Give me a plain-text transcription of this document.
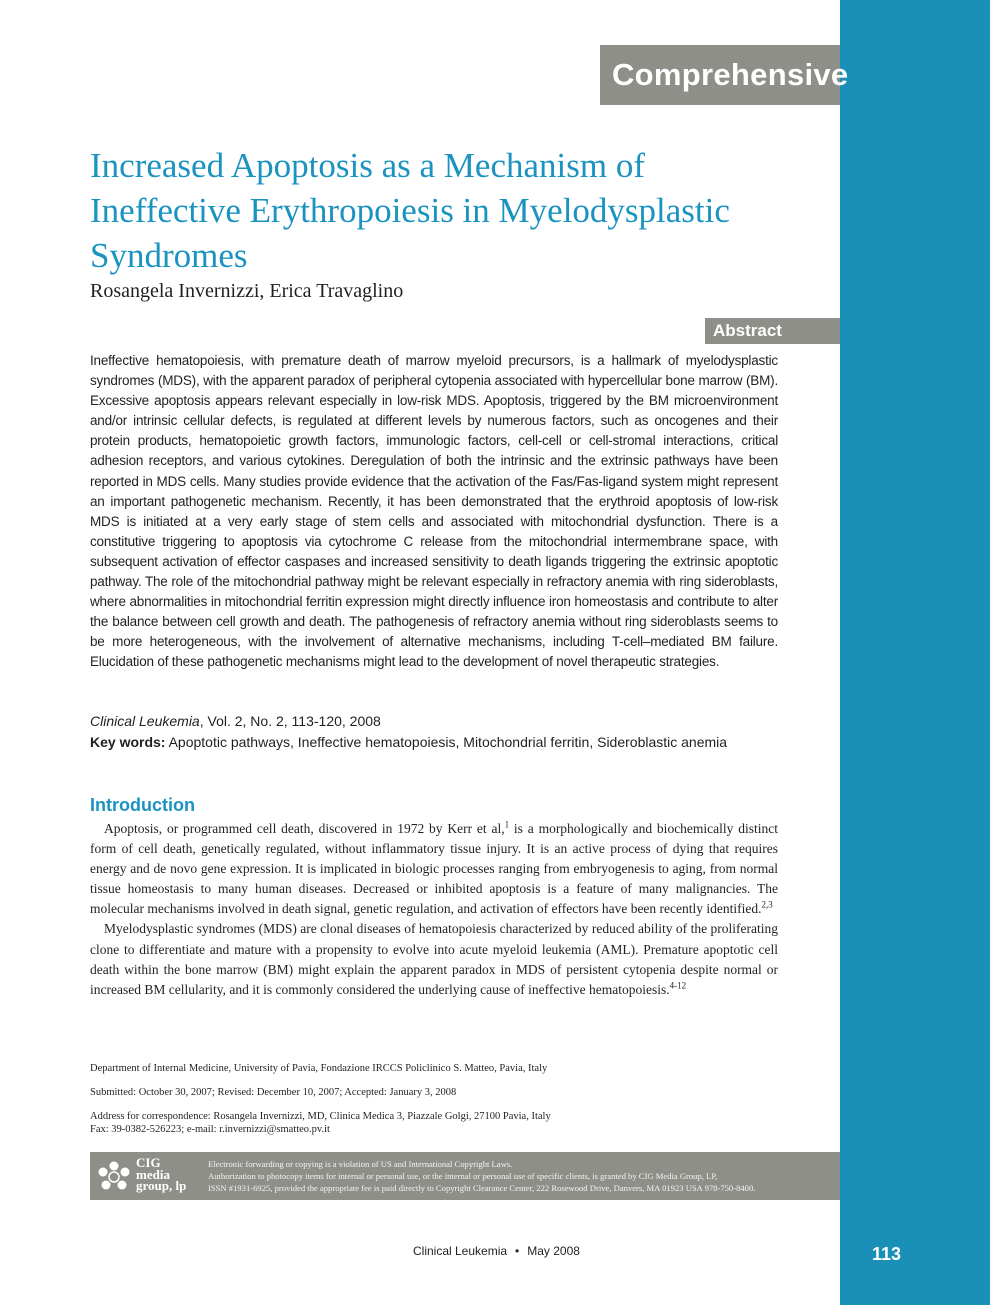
Comprehensive Review
Increased Apoptosis as a Mechanism of Ineffective Erythropoiesis in Myelodysplastic Syndromes
Rosangela Invernizzi, Erica Travaglino
Abstract

Ineffective hematopoiesis, with premature death of marrow myeloid precursors, is a hallmark of myelodysplastic syndromes (MDS), with the apparent paradox of peripheral cytopenia associated with hypercellular bone marrow (BM). Excessive apoptosis appears relevant especially in low-risk MDS. Apoptosis, triggered by the BM microenvironment and/or intrinsic cellular defects, is regulated at different levels by numerous factors, such as oncogenes and their protein products, hematopoietic growth factors, immunologic factors, cell-cell or cell-stromal interactions, critical adhesion receptors, and various cytokines. Deregulation of both the intrinsic and the extrinsic pathways have been reported in MDS cells. Many studies provide evidence that the activation of the Fas/Fas-ligand system might represent an important pathogenetic mechanism. Recently, it has been demonstrated that the erythroid apoptosis of low-risk MDS is initiated at a very early stage of stem cells and associated with mitochondrial dysfunction. There is a constitutive triggering to apoptosis via cytochrome C release from the mitochondrial intermembrane space, with subsequent activation of effector caspases and increased sensitivity to death ligands triggering the extrinsic apoptotic pathway. The role of the mitochondrial pathway might be relevant especially in refractory anemia with ring sideroblasts, where abnormalities in mitochondrial ferritin expression might directly influence iron homeostasis and contribute to alter the balance between cell growth and death. The pathogenesis of refractory anemia without ring sideroblasts seems to be more heterogeneous, with the involvement of alternative mechanisms, including T-cell–mediated BM failure. Elucidation of these pathogenetic mechanisms might lead to the development of novel therapeutic strategies.

Clinical Leukemia, Vol. 2, No. 2, 113-120, 2008
Key words: Apoptotic pathways, Ineffective hematopoiesis, Mitochondrial ferritin, Sideroblastic anemia
Introduction

Apoptosis, or programmed cell death, discovered in 1972 by Kerr et al,$^1$ is a morphologically and biochemically distinct form of cell death, genetically regulated, without inflammatory tissue injury. It is an active process of dying that requires energy and de novo gene expression. It is implicated in biologic processes ranging from embryogenesis to aging, from normal tissue homeostasis to many human diseases. Decreased or inhibited apoptosis is a feature of many malignancies. The molecular mechanisms involved in death signal, genetic regulation, and activation of effectors have been recently identified.$^{2,3}$

Myelodysplastic syndromes (MDS) are clonal diseases of hematopoiesis characterized by reduced ability of the proliferating clone to differentiate and mature with a propensity to evolve into acute myeloid leukemia (AML). Premature apoptotic cell death within the bone marrow (BM) might explain the apparent paradox in MDS of persistent cytopenia despite normal or increased BM cellularity, and it is commonly considered the underlying cause of ineffective hematopoiesis.$^{4-12}$

Department of Internal Medicine, University of Pavia, Fondazione IRCCS Policlinico S. Matteo, Pavia, Italy

Submitted: October 30, 2007; Revised: December 10, 2007; Accepted: January 3, 2008

Address for correspondence: Rosangela Invernizzi, MD, Clinica Medica 3, Piazzale Golgi, 27100 Pavia, Italy

Fax: 39-0382-526223; e-mail: r.invernizzi@smatteo.pv.it

CIG
media
group, lp
Electronic forwarding or copying is a violation of US and International Copyright Laws.
Authorization to photocopy items for internal or personal use, or the internal or personal use of specific clients, is granted by CIG Media Group, LP,
ISSN #1931-6925, provided the appropriate fee is paid directly to Copyright Clearance Center, 222 Rosewood Drive, Danvers, MA 01923 USA 978-750-8400.
Clinical Leukemia • May 2008	113
